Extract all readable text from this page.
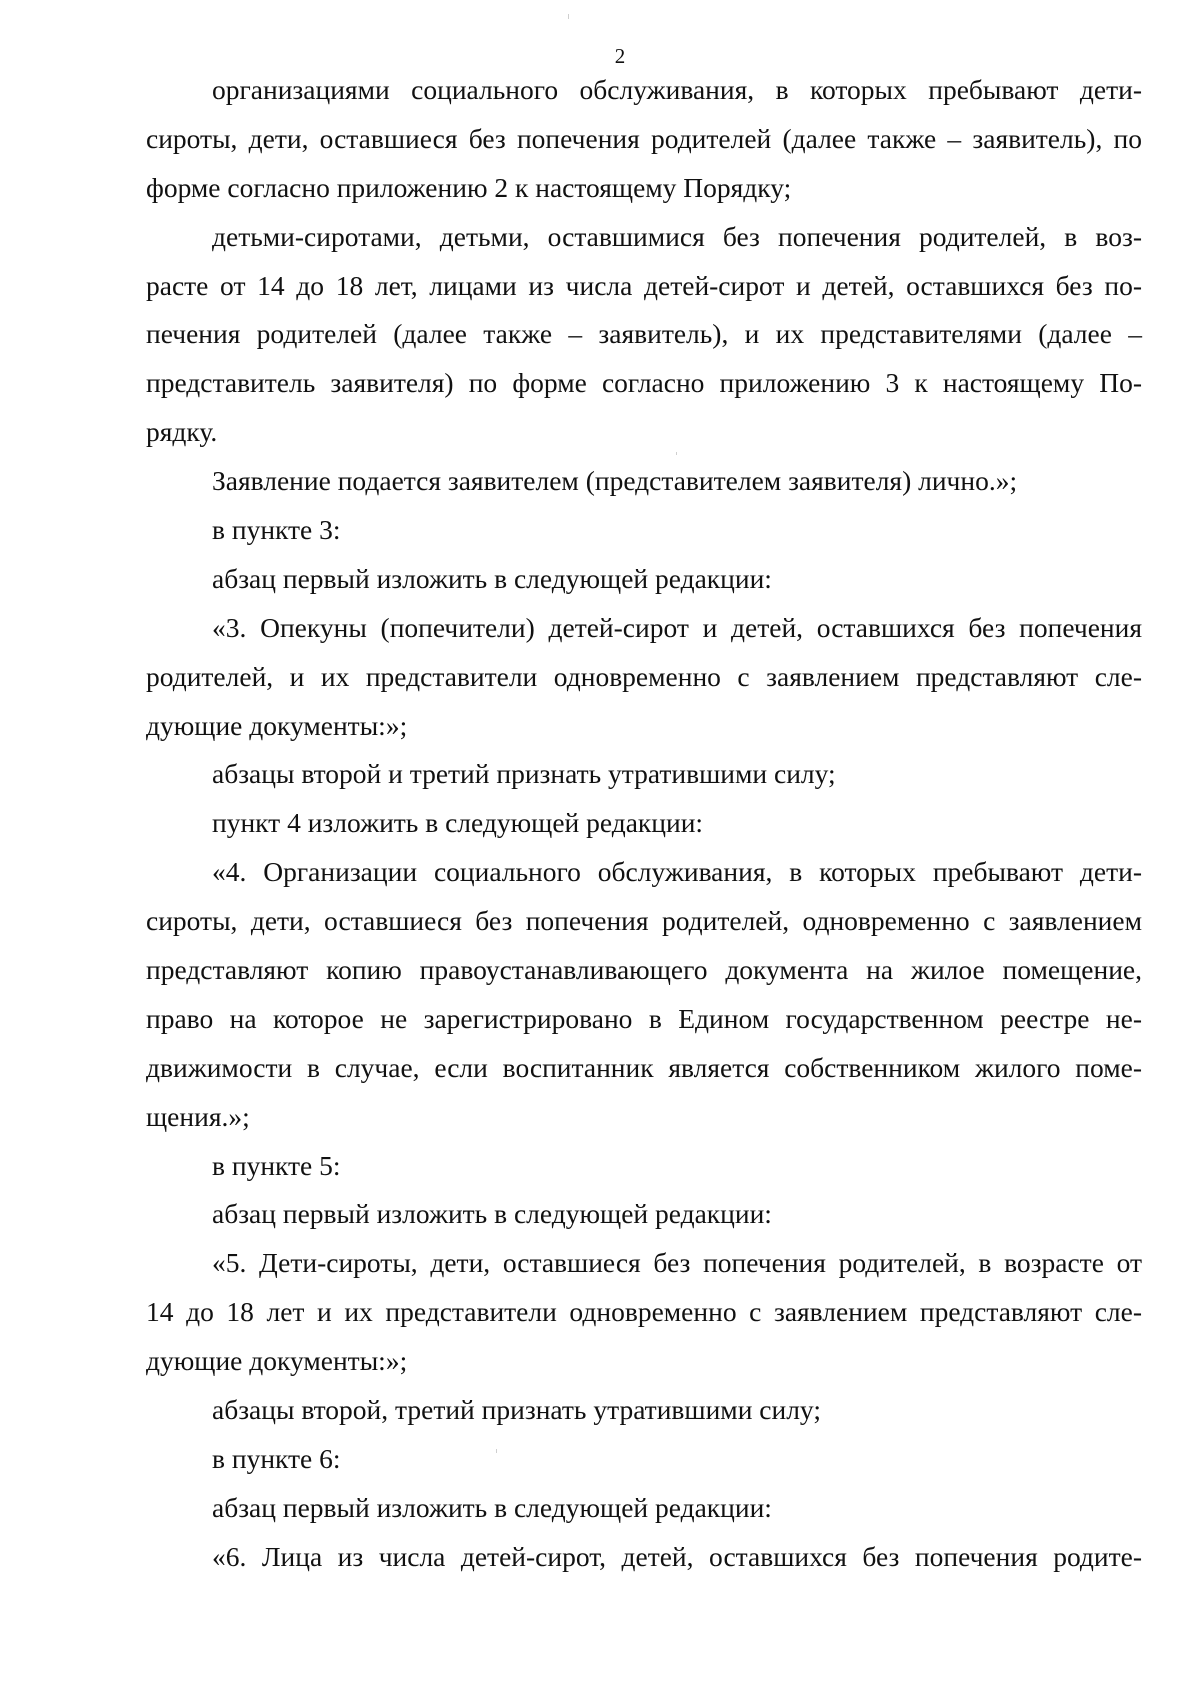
2
организациями социального обслуживания, в которых пребывают дети-
сироты, дети, оставшиеся без попечения родителей (далее также – заявитель), по
форме согласно приложению 2 к настоящему Порядку;
детьми-сиротами, детьми, оставшимися без попечения родителей, в воз-
расте от 14 до 18 лет, лицами из числа детей-сирот и детей, оставшихся без по-
печения родителей (далее также – заявитель), и их представителями (далее –
представитель заявителя) по форме согласно приложению 3 к настоящему По-
рядку.
Заявление подается заявителем (представителем заявителя) лично.»;
в пункте 3:
абзац первый изложить в следующей редакции:
«3. Опекуны (попечители) детей-сирот и детей, оставшихся без попечения
родителей, и их представители одновременно с заявлением представляют сле-
дующие документы:»;
абзацы второй и третий признать утратившими силу;
пункт 4 изложить в следующей редакции:
«4. Организации социального обслуживания, в которых пребывают дети-
сироты, дети, оставшиеся без попечения родителей, одновременно с заявлением
представляют копию правоустанавливающего документа на жилое помещение,
право на которое не зарегистрировано в Едином государственном реестре не-
движимости в случае, если воспитанник является собственником жилого поме-
щения.»;
в пункте 5:
абзац первый изложить в следующей редакции:
«5. Дети-сироты, дети, оставшиеся без попечения родителей, в возрасте от
14 до 18 лет и их представители одновременно с заявлением представляют сле-
дующие документы:»;
абзацы второй, третий признать утратившими силу;
в пункте 6:
абзац первый изложить в следующей редакции:
«6. Лица из числа детей-сирот, детей, оставшихся без попечения родите-
